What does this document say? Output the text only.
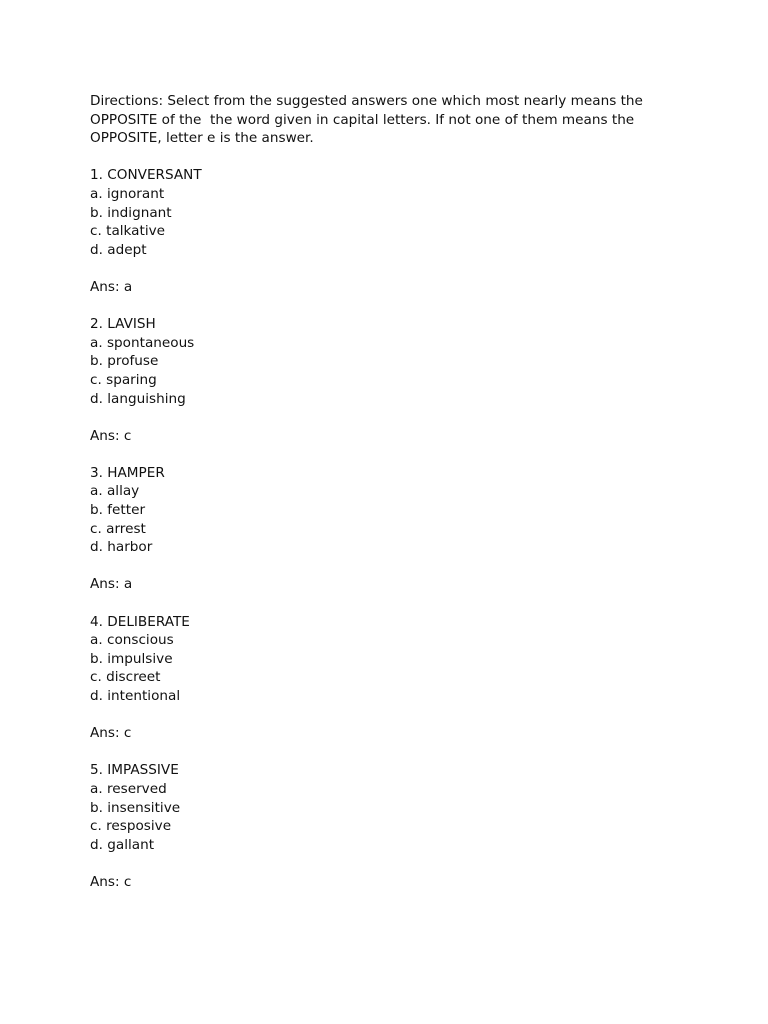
Directions: Select from the suggested answers one which most nearly means the
OPPOSITE of the  the word given in capital letters. If not one of them means the
OPPOSITE, letter e is the answer.
1. CONVERSANT
a. ignorant
b. indignant
c. talkative
d. adept
Ans: a
2. LAVISH
a. spontaneous
b. profuse
c. sparing
d. languishing
Ans: c
3. HAMPER
a. allay
b. fetter
c. arrest
d. harbor
Ans: a
4. DELIBERATE
a. conscious
b. impulsive
c. discreet
d. intentional
Ans: c
5. IMPASSIVE
a. reserved
b. insensitive
c. resposive
d. gallant
Ans: c
